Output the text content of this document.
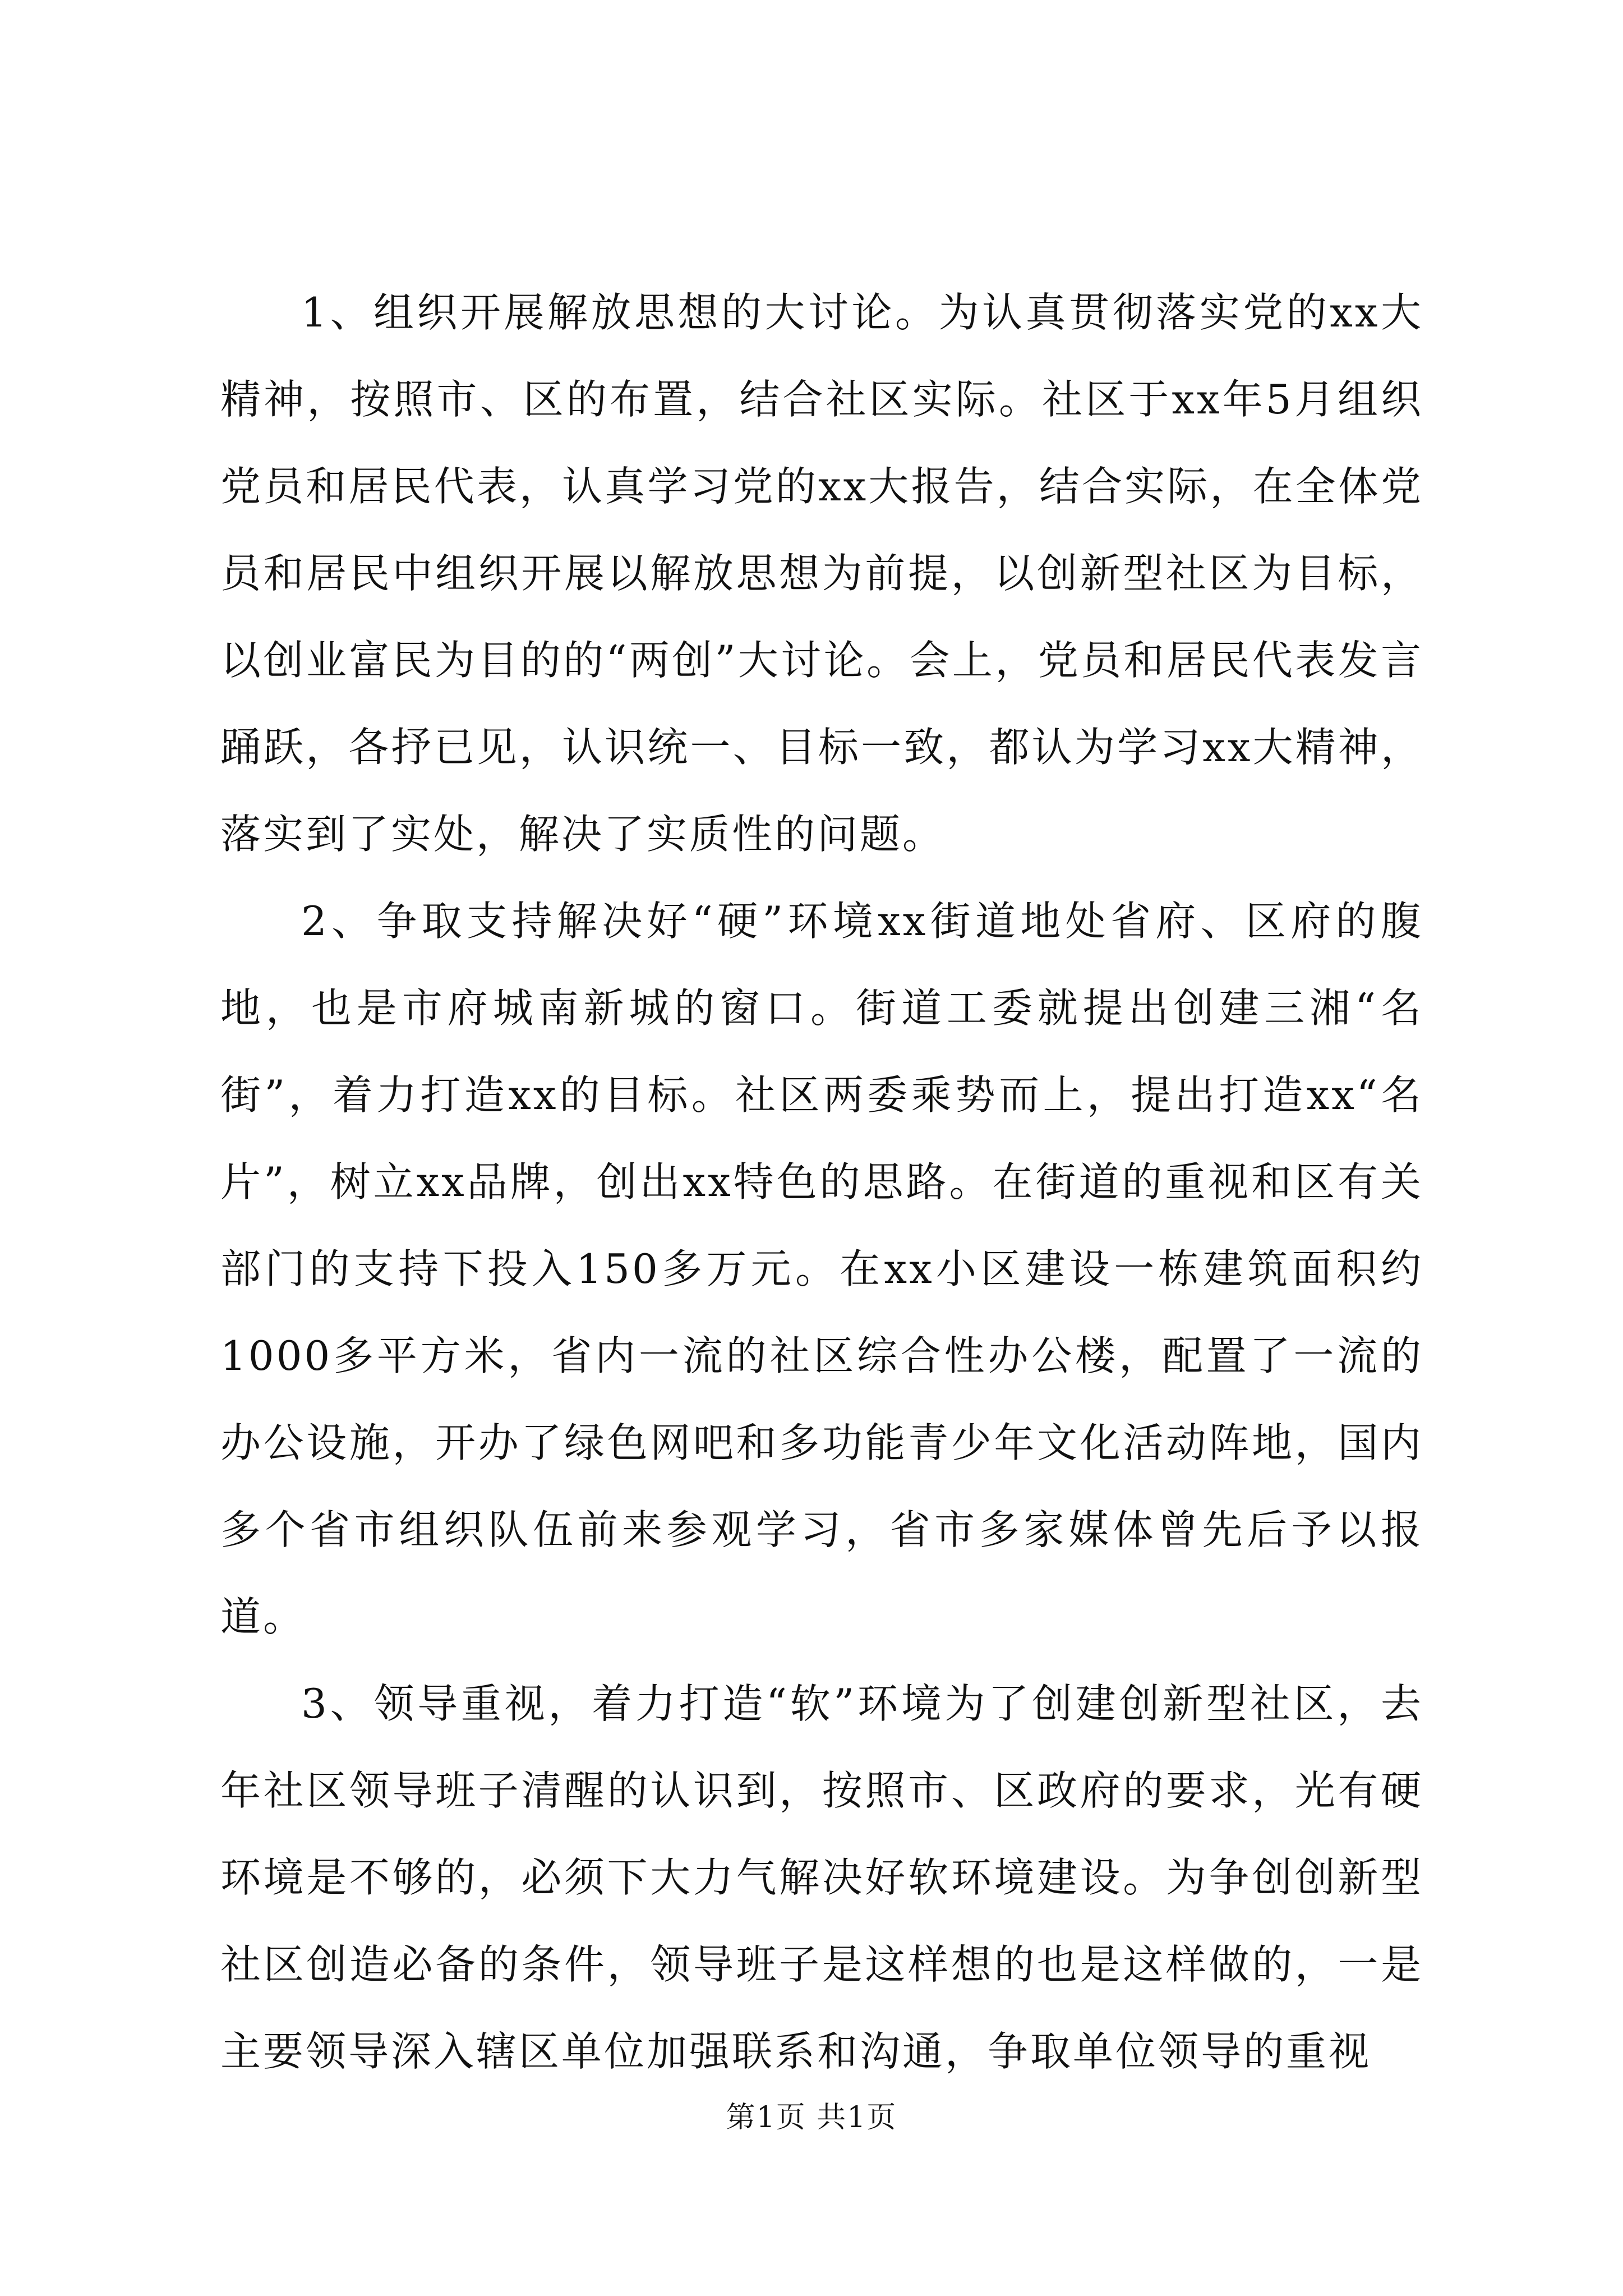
1、组织开展解放思想的大讨论。为认真贯彻落实党的xx大精神，按照市、区的布置，结合社区实际。社区于xx年5月组织党员和居民代表，认真学习党的xx大报告，结合实际，在全体党员和居民中组织开展以解放思想为前提，以创新型社区为目标，以创业富民为目的的“两创”大讨论。会上，党员和居民代表发言踊跃，各抒已见，认识统一、目标一致，都认为学习xx大精神，落实到了实处，解决了实质性的问题。

2、争取支持解决好“硬”环境xx街道地处省府、区府的腹地，也是市府城南新城的窗口。街道工委就提出创建三湘“名街”，着力打造xx的目标。社区两委乘势而上，提出打造xx“名片”，树立xx品牌，创出xx特色的思路。在街道的重视和区有关部门的支持下投入150多万元。在xx小区建设一栋建筑面积约1000多平方米，省内一流的社区综合性办公楼，配置了一流的办公设施，开办了绿色网吧和多功能青少年文化活动阵地，国内多个省市组织队伍前来参观学习，省市多家媒体曾先后予以报道。

3、领导重视，着力打造“软”环境为了创建创新型社区，去年社区领导班子清醒的认识到，按照市、区政府的要求，光有硬环境是不够的，必须下大力气解决好软环境建设。为争创创新型社区创造必备的条件，领导班子是这样想的也是这样做的，一是主要领导深入辖区单位加强联系和沟通，争取单位领导的重视

第1页 共1页
